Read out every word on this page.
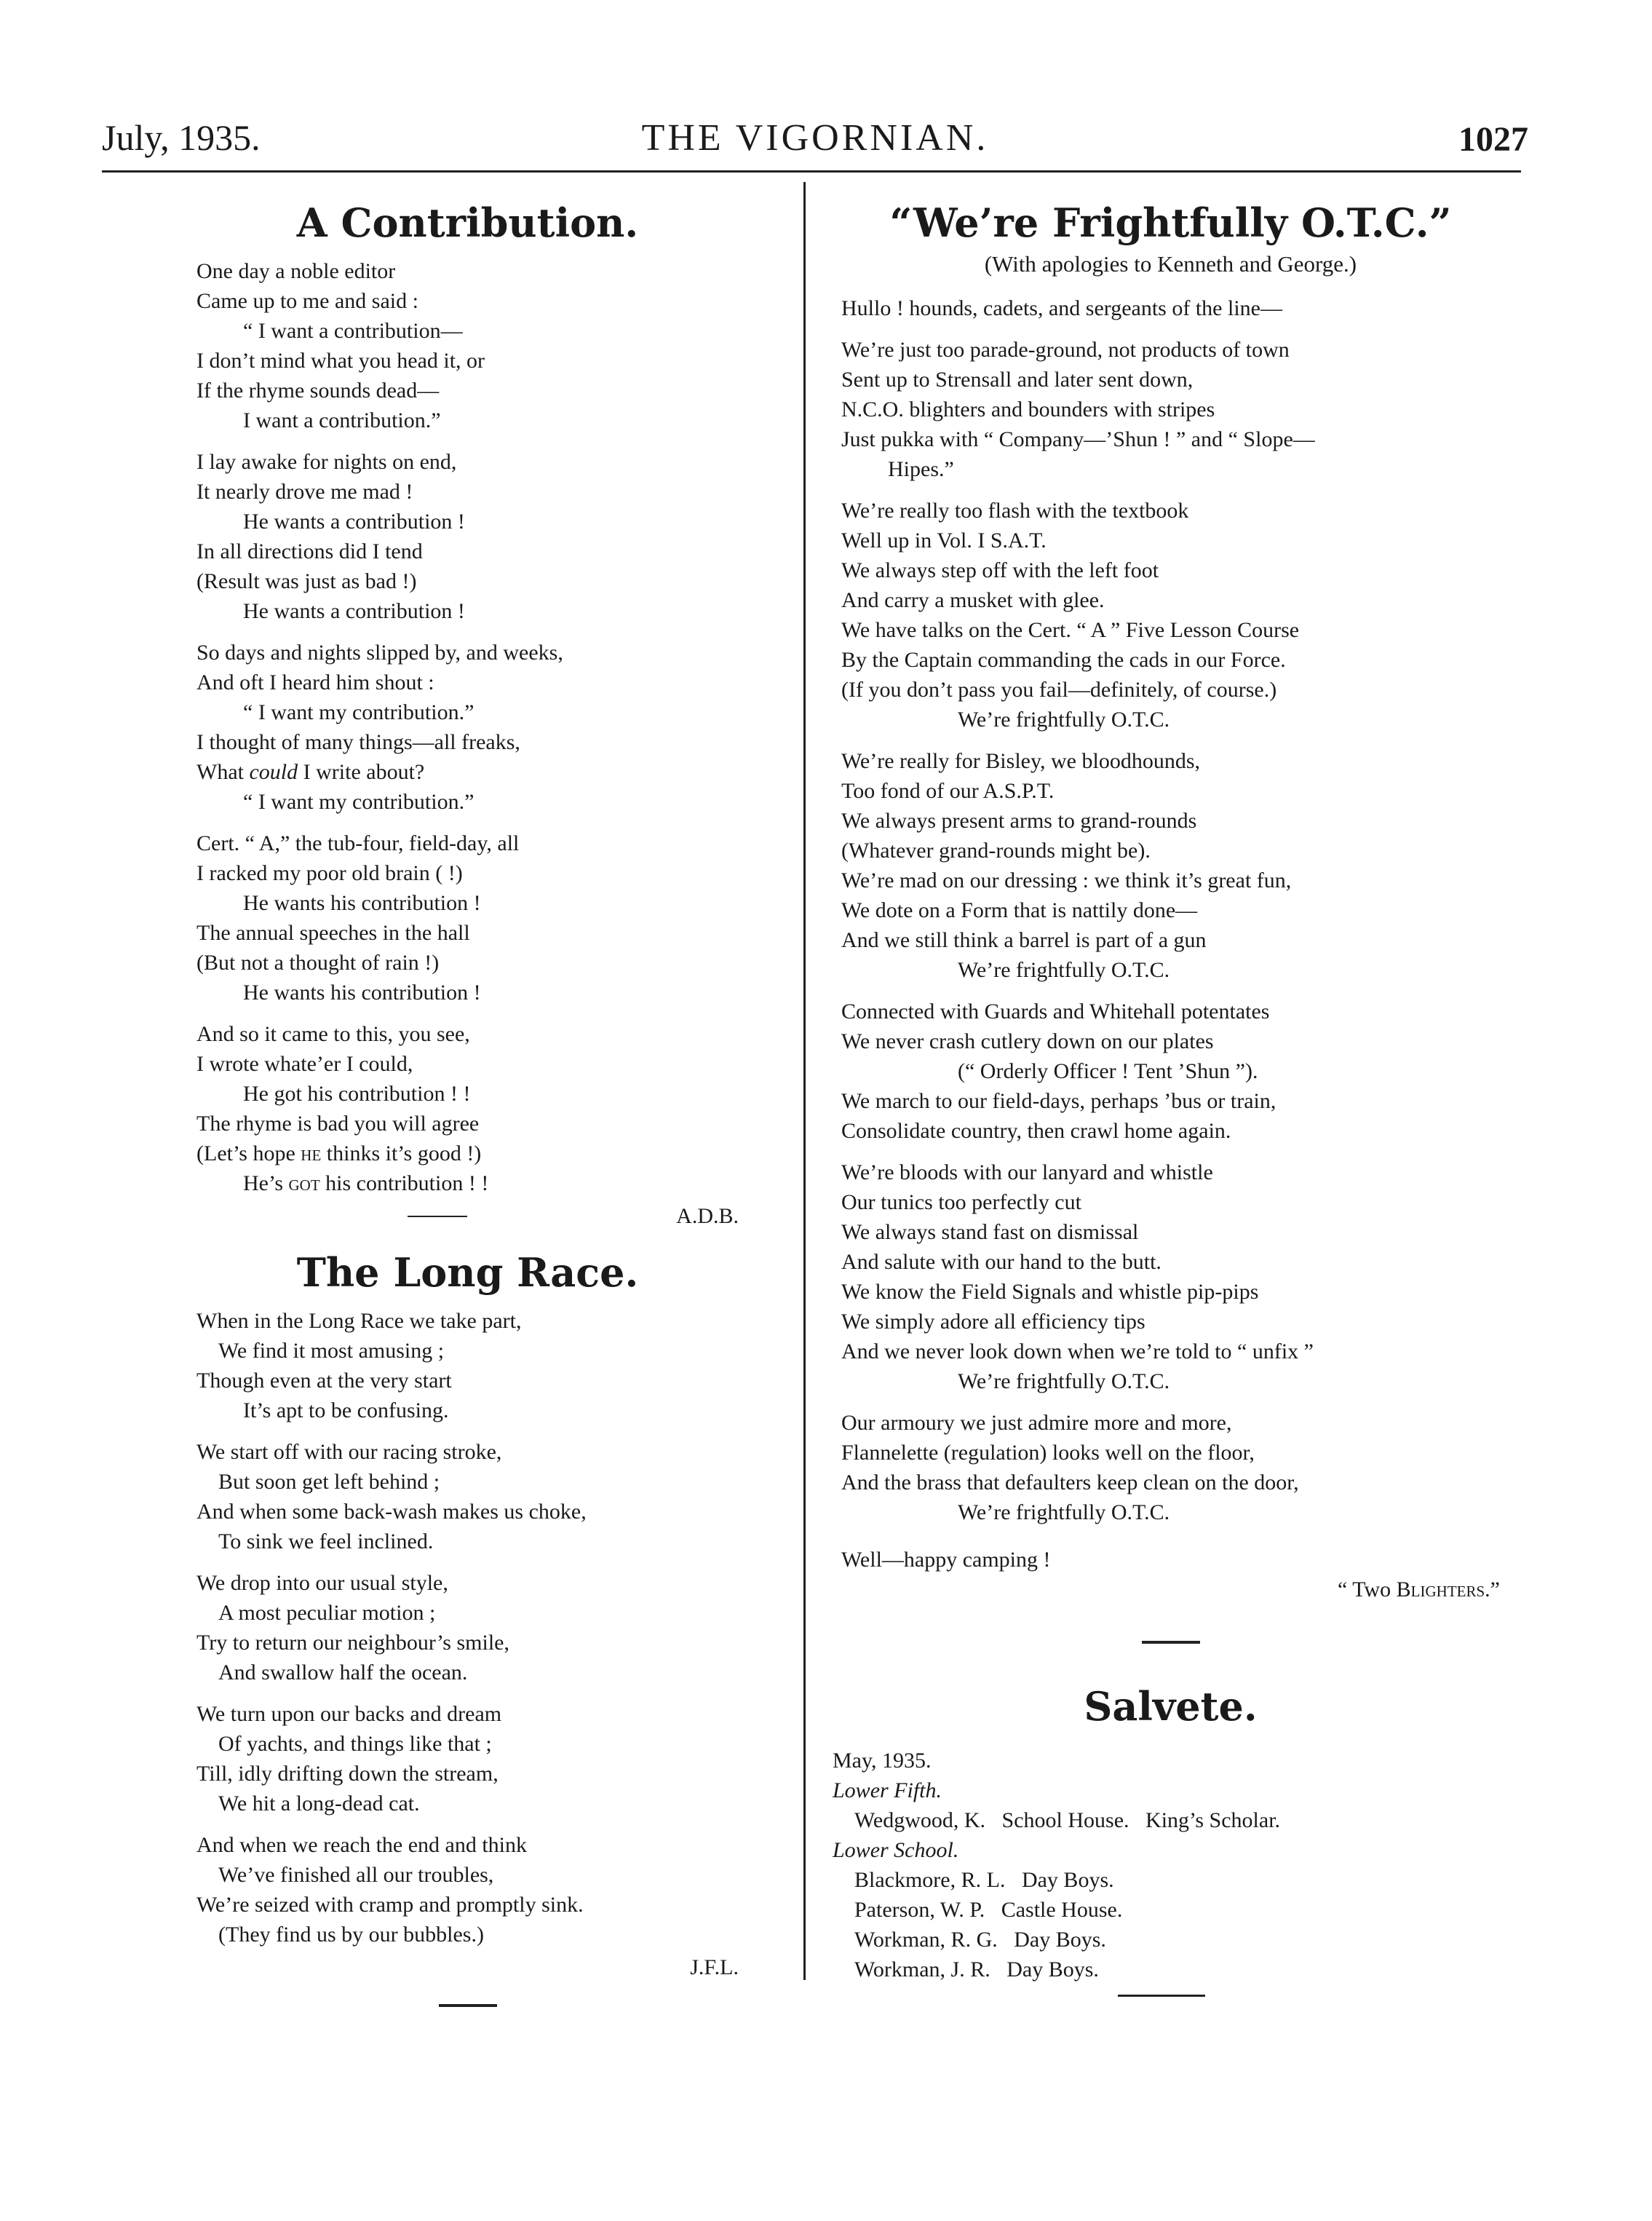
July, 1935.	THE VIGORNIAN.	1027
A Contribution.
One day a noble editor
Came up to me and said :
“ I want a contribution—
I don’t mind what you head it, or
If the rhyme sounds dead—
I want a contribution.”
I lay awake for nights on end,
It nearly drove me mad !
He wants a contribution !
In all directions did I tend
(Result was just as bad !)
He wants a contribution !
So days and nights slipped by, and weeks,
And oft I heard him shout :
“ I want my contribution.”
I thought of many things—all freaks,
What could I write about?
“ I want my contribution.”
Cert. “ A,” the tub-four, field-day, all
I racked my poor old brain ( !)
He wants his contribution !
The annual speeches in the hall
(But not a thought of rain !)
He wants his contribution !
And so it came to this, you see,
I wrote whate’er I could,
He got his contribution ! !
The rhyme is bad you will agree
(Let’s hope he thinks it’s good !)
He’s got his contribution ! !
A.D.B.
The Long Race.
When in the Long Race we take part,
We find it most amusing ;
Though even at the very start
It’s apt to be confusing.
We start off with our racing stroke,
But soon get left behind ;
And when some back-wash makes us choke,
To sink we feel inclined.
We drop into our usual style,
A most peculiar motion ;
Try to return our neighbour’s smile,
And swallow half the ocean.
We turn upon our backs and dream
Of yachts, and things like that ;
Till, idly drifting down the stream,
We hit a long-dead cat.
And when we reach the end and think
We’ve finished all our troubles,
We’re seized with cramp and promptly sink.
(They find us by our bubbles.)
J.F.L.
“We’re Frightfully O.T.C.”
(With apologies to Kenneth and George.)
Hullo ! hounds, cadets, and sergeants of the line—
We’re just too parade-ground, not products of town
Sent up to Strensall and later sent down,
N.C.O. blighters and bounders with stripes
Just pukka with “ Company—’Shun ! ” and “ Slope—
Hipes.”
We’re really too flash with the textbook
Well up in Vol. I S.A.T.
We always step off with the left foot
And carry a musket with glee.
We have talks on the Cert. “ A ” Five Lesson Course
By the Captain commanding the cads in our Force.
(If you don’t pass you fail—definitely, of course.)
We’re frightfully O.T.C.
We’re really for Bisley, we bloodhounds,
Too fond of our A.S.P.T.
We always present arms to grand-rounds
(Whatever grand-rounds might be).
We’re mad on our dressing : we think it’s great fun,
We dote on a Form that is nattily done—
And we still think a barrel is part of a gun
We’re frightfully O.T.C.
Connected with Guards and Whitehall potentates
We never crash cutlery down on our plates
(“ Orderly Officer ! Tent ’Shun ”).
We march to our field-days, perhaps ’bus or train,
Consolidate country, then crawl home again.
We’re bloods with our lanyard and whistle
Our tunics too perfectly cut
We always stand fast on dismissal
And salute with our hand to the butt.
We know the Field Signals and whistle pip-pips
We simply adore all efficiency tips
And we never look down when we’re told to “ unfix ”
We’re frightfully O.T.C.
Our armoury we just admire more and more,
Flannelette (regulation) looks well on the floor,
And the brass that defaulters keep clean on the door,
We’re frightfully O.T.C.
Well—happy camping !
“ Two Blighters.”
Salvete.
May, 1935.
Lower Fifth.
Wedgwood, K.   School House.   King’s Scholar.
Lower School.
Blackmore, R. L.   Day Boys.
Paterson, W. P.   Castle House.
Workman, R. G.   Day Boys.
Workman, J. R.   Day Boys.
